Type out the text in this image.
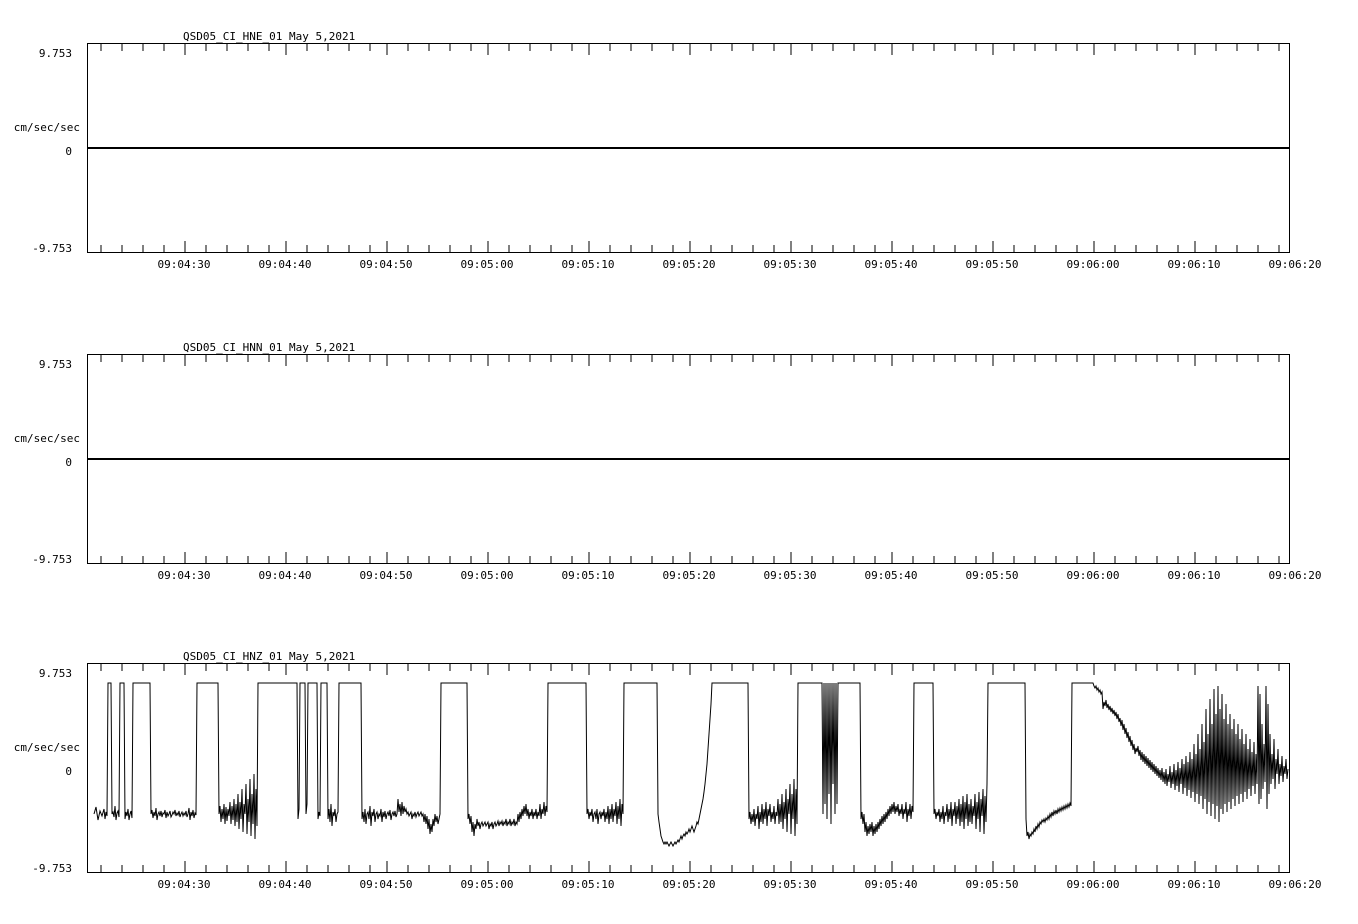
QSD05_CI_HNE_01 May 5,2021
9.753
cm/sec/sec
0
-9.753
09:04:30	09:04:40	09:04:50	09:05:00	09:05:10	09:05:20	09:05:30	09:05:40	09:05:50	09:06:00	09:06:10	09:06:20
QSD05_CI_HNN_01 May 5,2021
9.753
cm/sec/sec
0
-9.753
09:04:30	09:04:40	09:04:50	09:05:00	09:05:10	09:05:20	09:05:30	09:05:40	09:05:50	09:06:00	09:06:10	09:06:20
QSD05_CI_HNZ_01 May 5,2021
9.753
cm/sec/sec
0
-9.753
09:04:30	09:04:40	09:04:50	09:05:00	09:05:10	09:05:20	09:05:30	09:05:40	09:05:50	09:06:00	09:06:10	09:06:20
